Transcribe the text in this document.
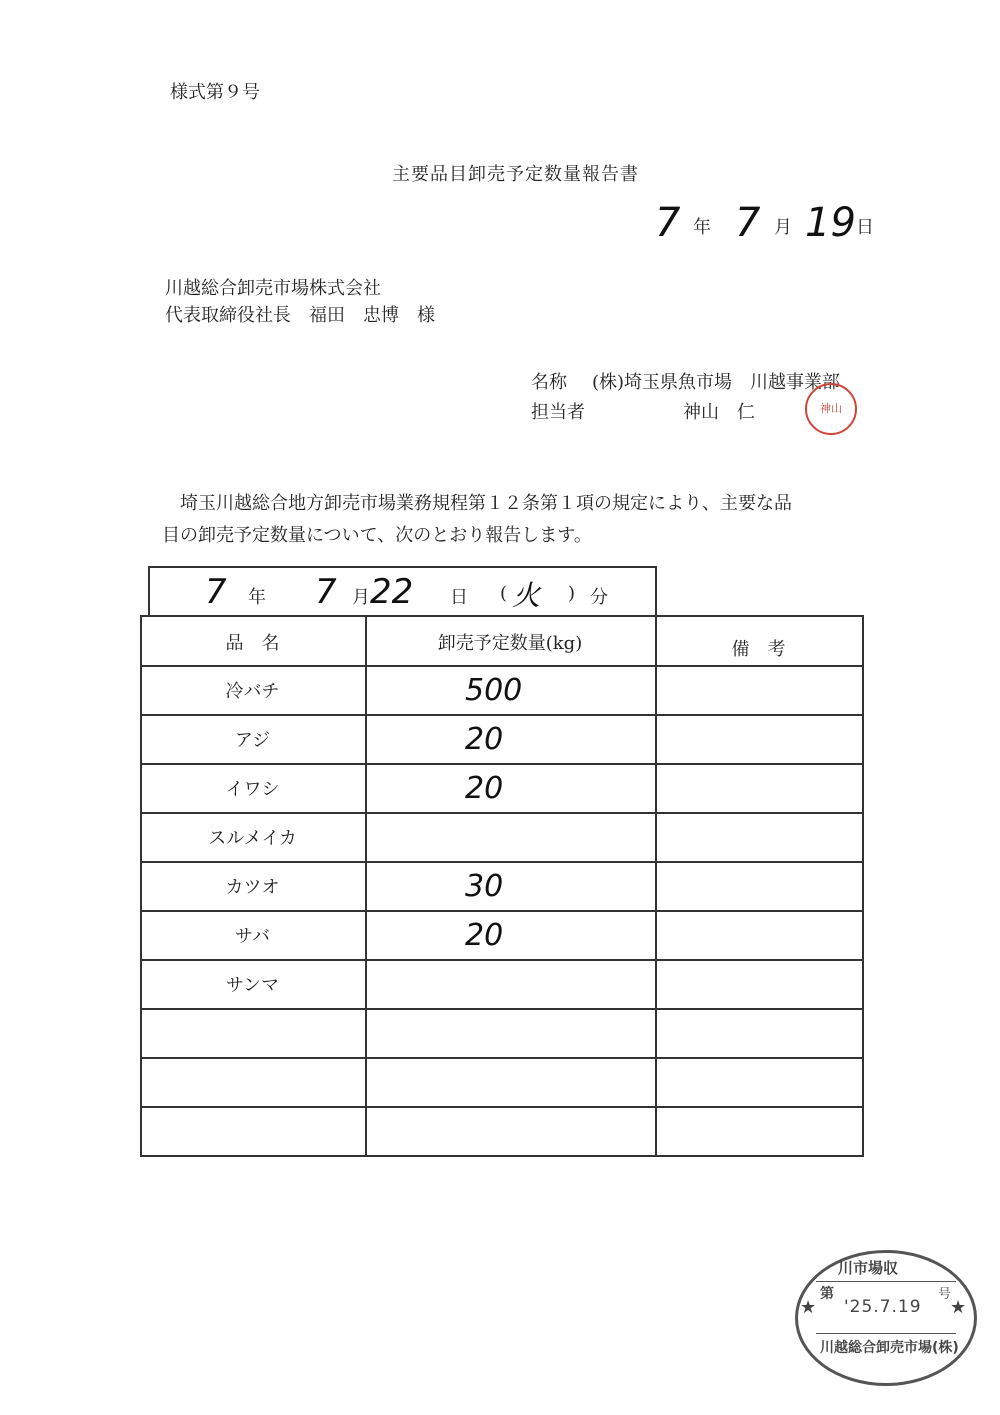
様式第９号
主要品目卸売予定数量報告書
7 年 7 月 19 日
川越総合卸売市場株式会社
代表取締役社長　福田　忠博　様
名称 (株)埼玉県魚市場　川越事業部
担当者	神山　仁	神山
埼玉川越総合地方卸売市場業務規程第１２条第１項の規定により、主要な品
目の卸売予定数量について、次のとおり報告します。
7 年 7 月 22 日 ( 火 ) 分
品　名	卸売予定数量(kg)	備　考
冷バチ	500
アジ	20
イワシ	20
スルメイカ
カツオ	30
サバ	20
サンマ
川市場収
第	号
★ '25.7.19 ★
川越総合卸売市場(株)
